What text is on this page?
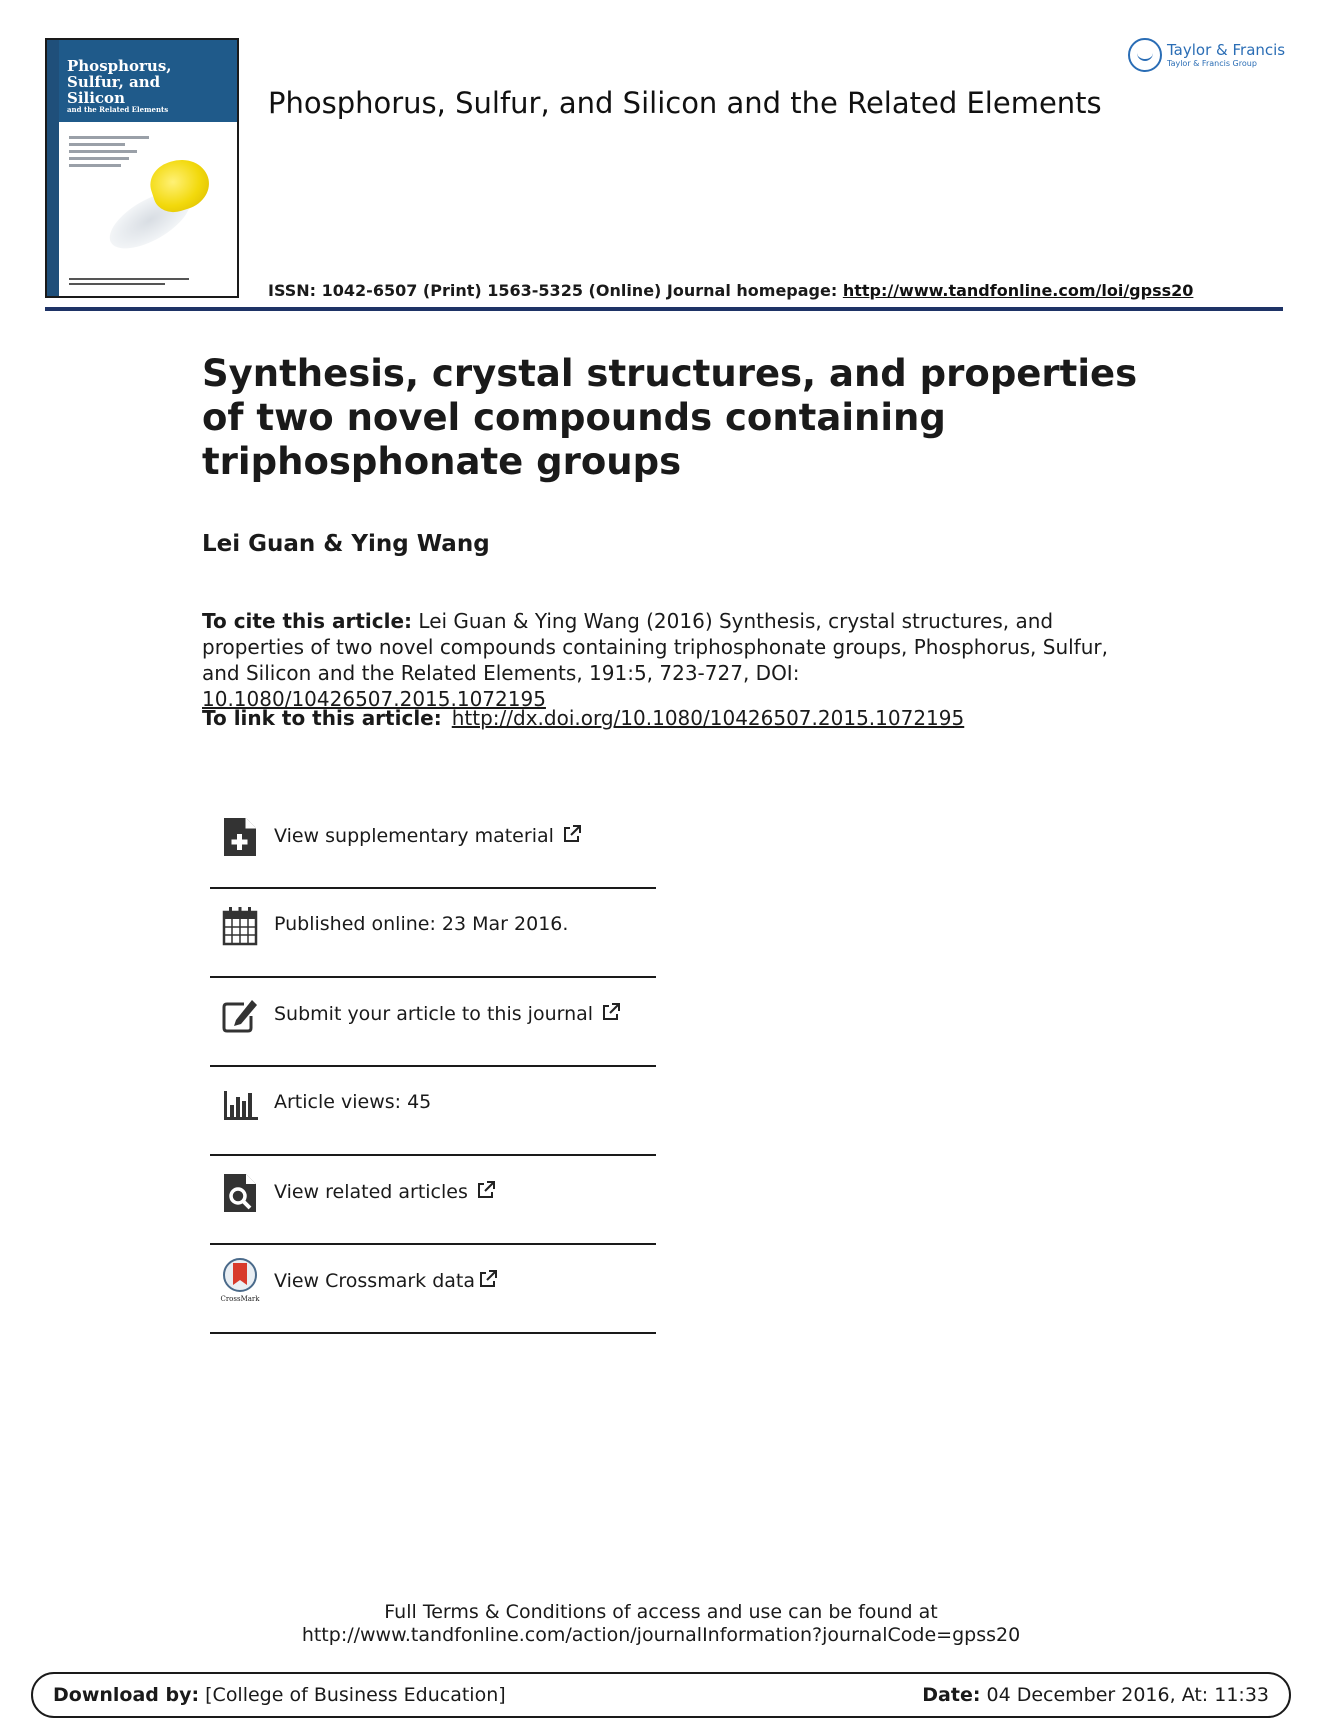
Phosphorus,
Sulfur, and
Silicon
and the Related Elements	Phosphorus, Sulfur, and Silicon and the Related Elements
Taylor & Francis
Taylor & Francis Group
ISSN: 1042-6507 (Print) 1563-5325 (Online) Journal homepage: http://www.tandfonline.com/loi/gpss20
Synthesis, crystal structures, and properties of two novel compounds containing triphosphonate groups
Lei Guan & Ying Wang
To cite this article: Lei Guan & Ying Wang (2016) Synthesis, crystal structures, and properties of two novel compounds containing triphosphonate groups, Phosphorus, Sulfur, and Silicon and the Related Elements, 191:5, 723-727, DOI: 10.1080/10426507.2015.1072195
To link to this article: http://dx.doi.org/10.1080/10426507.2015.1072195
View supplementary material
Published online: 23 Mar 2016.
Submit your article to this journal
Article views: 45
View related articles
CrossMark
View Crossmark data
Full Terms & Conditions of access and use can be found at
http://www.tandfonline.com/action/journalInformation?journalCode=gpss20
Download by: [College of Business Education]	Date: 04 December 2016, At: 11:33
